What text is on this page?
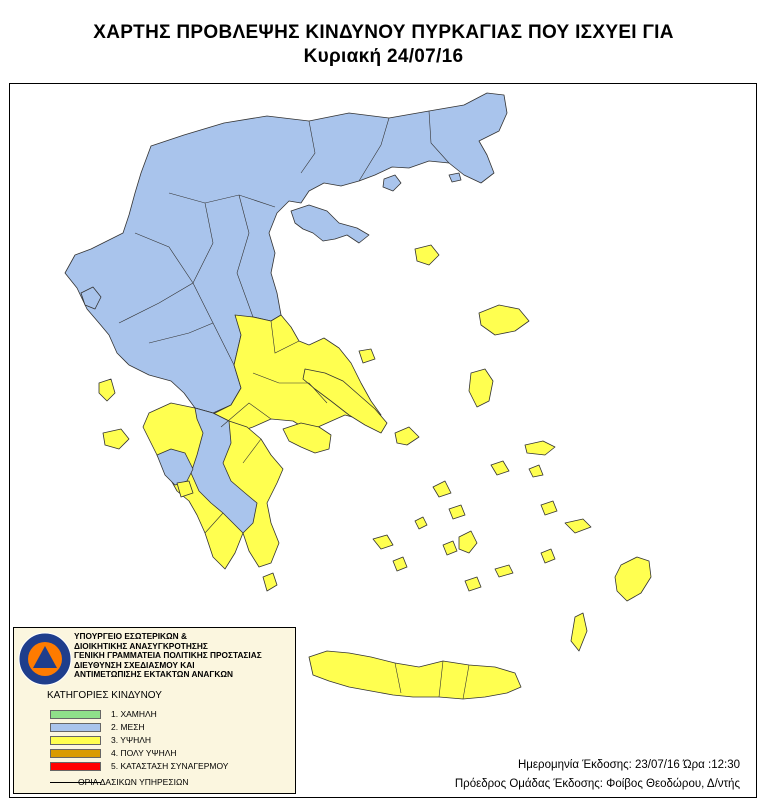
ΧΑΡΤΗΣ ΠΡΟΒΛΕΨΗΣ ΚΙΝΔΥΝΟΥ ΠΥΡΚΑΓΙΑΣ ΠΟΥ ΙΣΧΥΕΙ ΓΙΑ
Κυριακή 24/07/16
ΥΠΟΥΡΓΕΙΟ ΕΣΩΤΕΡΙΚΩΝ &
ΔΙΟΙΚΗΤΙΚΗΣ ΑΝΑΣΥΓΚΡΟΤΗΣΗΣ
ΓΕΝΙΚΗ ΓΡΑΜΜΑΤΕΙΑ ΠΟΛΙΤΙΚΗΣ ΠΡΟΣΤΑΣΙΑΣ
ΔΙΕΥΘΥΝΣΗ ΣΧΕΔΙΑΣΜΟΥ ΚΑΙ
ΑΝΤΙΜΕΤΩΠΙΣΗΣ ΕΚΤΑΚΤΩΝ ΑΝΑΓΚΩΝ
ΚΑΤΗΓΟΡΙΕΣ ΚΙΝΔΥΝΟΥ
1. ΧΑΜΗΛΗ
2. ΜΕΣΗ
3. ΥΨΗΛΗ
4. ΠΟΛΥ ΥΨΗΛΗ
5. ΚΑΤΑΣΤΑΣΗ ΣΥΝΑΓΕΡΜΟΥ
ΟΡΙΑ ΔΑΣΙΚΩΝ ΥΠΗΡΕΣΙΩΝ
Ημερομηνία Έκδοσης: 23/07/16 Ώρα :12:30
Πρόεδρος Ομάδας Έκδοσης: Φοίβος Θεοδώρου, Δ/ντής
